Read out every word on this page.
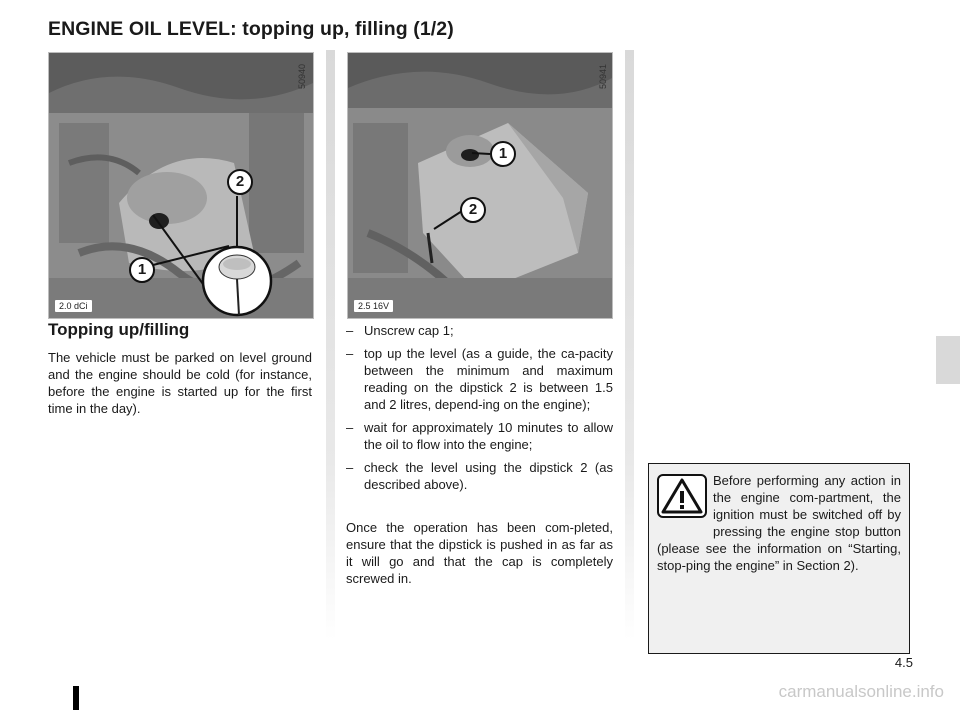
ENGINE OIL LEVEL: topping up, filling (1/2)
2
1
50940
2.0 dCi
1
2
50941
2.5 16V
Topping up/filling

The vehicle must be parked on level ground and the engine should be cold (for instance, before the engine is started up for the first time in the day).

– Unscrew cap 1;
– top up the level (as a guide, the ca-pacity between the minimum and maximum reading on the dipstick 2 is between 1.5 and 2 litres, depend-ing on the engine);
– wait for approximately 10 minutes to allow the oil to flow into the engine;
– check the level using the dipstick 2 (as described above).

Once the operation has been com-pleted, ensure that the dipstick is pushed in as far as it will go and that the cap is completely screwed in.

Before performing any action in the engine com-partment, the ignition must be switched off by pressing the engine stop button (please see the information on “Starting, stop-ping the engine” in Section 2).

4.5
carmanualsonline.info
